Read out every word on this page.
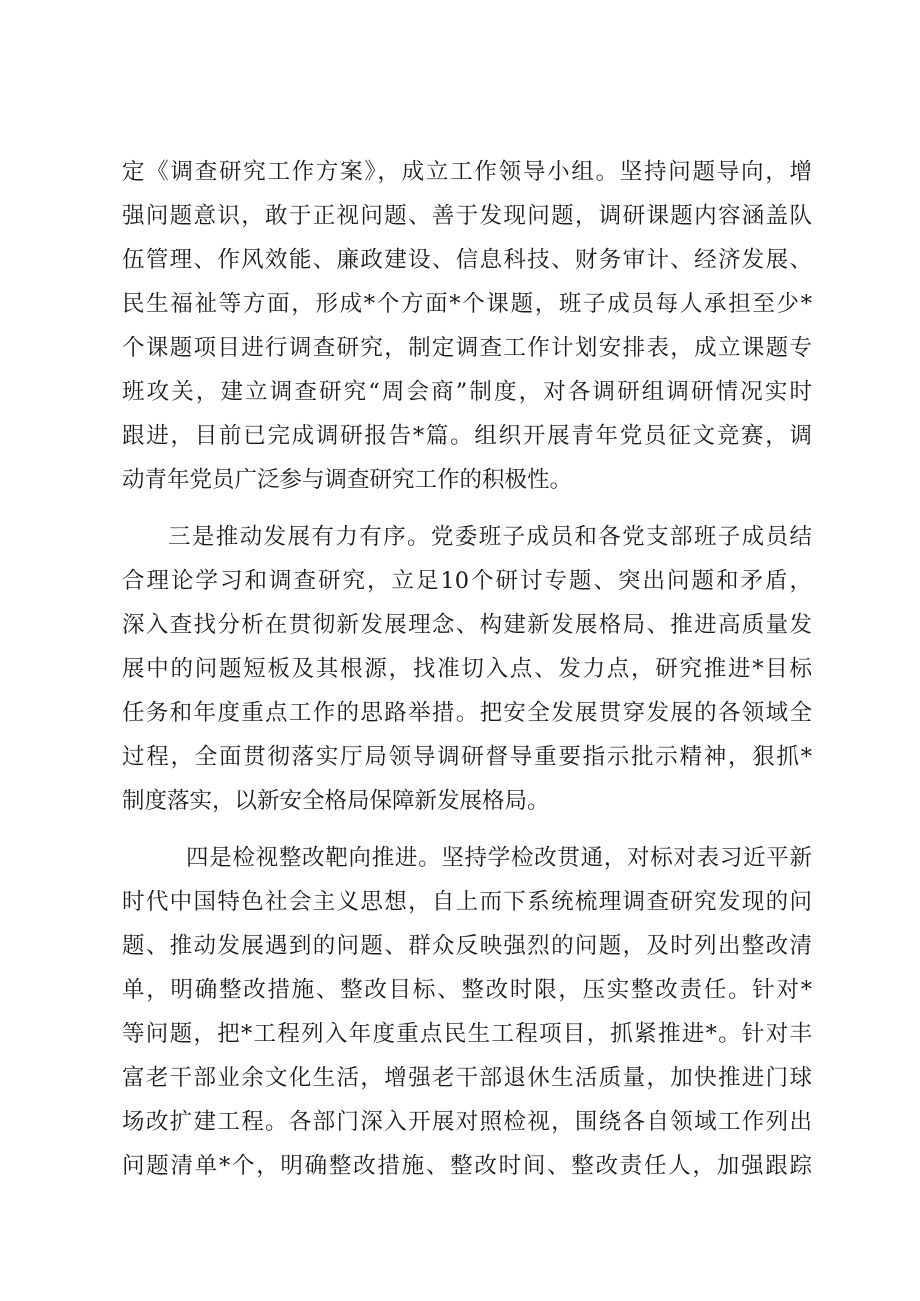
定《调查研究工作方案》，成立工作领导小组。坚持问题导向，增
强问题意识，敢于正视问题、善于发现问题，调研课题内容涵盖队
伍管理、作风效能、廉政建设、信息科技、财务审计、经济发展、
民生福祉等方面，形成*个方面*个课题，班子成员每人承担至少*
个课题项目进行调查研究，制定调查工作计划安排表，成立课题专
班攻关，建立调查研究“周会商”制度，对各调研组调研情况实时
跟进，目前已完成调研报告*篇。组织开展青年党员征文竞赛，调
动青年党员广泛参与调查研究工作的积极性。

三是推动发展有力有序。党委班子成员和各党支部班子成员结
合理论学习和调查研究，立足10个研讨专题、突出问题和矛盾，
深入查找分析在贯彻新发展理念、构建新发展格局、推进高质量发
展中的问题短板及其根源，找准切入点、发力点，研究推进*目标
任务和年度重点工作的思路举措。把安全发展贯穿发展的各领域全
过程，全面贯彻落实厅局领导调研督导重要指示批示精神，狠抓*
制度落实，以新安全格局保障新发展格局。

四是检视整改靶向推进。坚持学检改贯通，对标对表习近平新
时代中国特色社会主义思想，自上而下系统梳理调查研究发现的问
题、推动发展遇到的问题、群众反映强烈的问题，及时列出整改清
单，明确整改措施、整改目标、整改时限，压实整改责任。针对*
等问题，把*工程列入年度重点民生工程项目，抓紧推进*。针对丰
富老干部业余文化生活，增强老干部退休生活质量，加快推进门球
场改扩建工程。各部门深入开展对照检视，围绕各自领域工作列出
问题清单*个，明确整改措施、整改时间、整改责任人，加强跟踪
